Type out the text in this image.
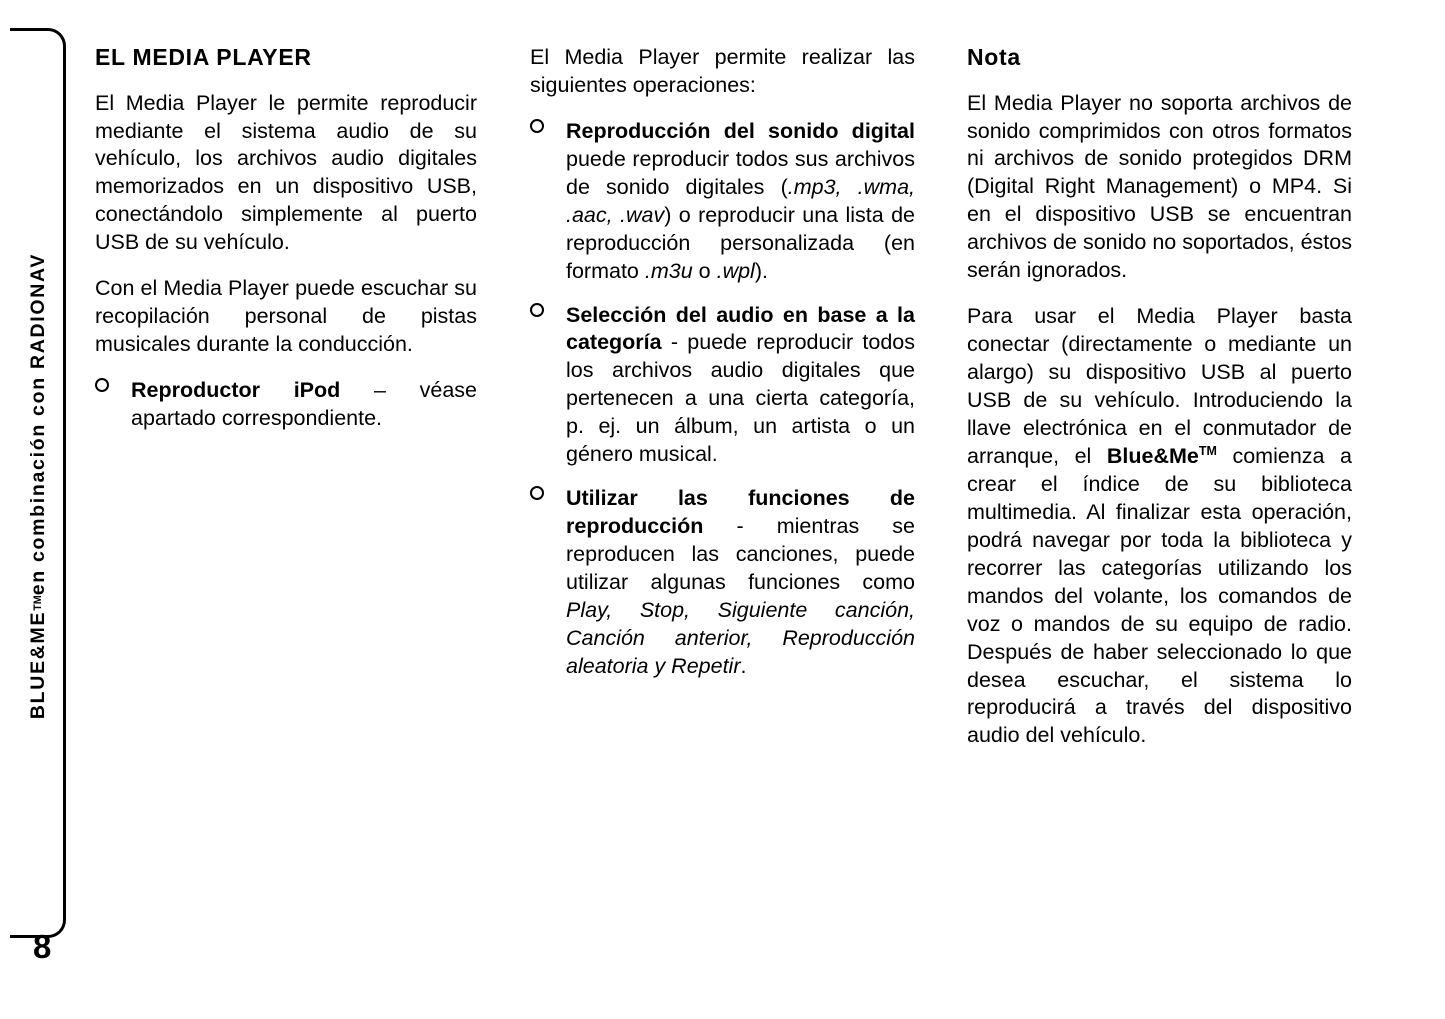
BLUE&ME
TM
en combinación con RADIONAV
8
EL MEDIA PLAYER

El Media Player le permite reproducir mediante el sistema audio de su vehículo, los archivos audio digitales memorizados en un dispositivo USB, conectándolo simplemente al puerto USB de su vehículo.

Con el Media Player puede escuchar su recopilación personal de pistas musicales durante la conducción.

Reproductor iPod – véase apartado correspondiente.

El Media Player permite realizar las siguientes operaciones:

Reproducción del sonido digital puede reproducir todos sus archivos de sonido digitales (.mp3, .wma, .aac, .wav) o reproducir una lista de reproducción personalizada (en formato .m3u o .wpl).
Selección del audio en base a la categoría - puede reproducir todos los archivos audio digitales que pertenecen a una cierta categoría, p. ej. un álbum, un artista o un género musical.
Utilizar las funciones de reproducción - mientras se reproducen las canciones, puede utilizar algunas funciones como Play, Stop, Siguiente canción, Canción anterior, Reproducción aleatoria y Repetir.
Nota

El Media Player no soporta archivos de sonido comprimidos con otros formatos ni archivos de sonido protegidos DRM (Digital Right Management) o MP4. Si en el dispositivo USB se encuentran archivos de sonido no soportados, éstos serán ignorados.

Para usar el Media Player basta conectar (directamente o mediante un alargo) su dispositivo USB al puerto USB de su vehículo. Introduciendo la llave electrónica en el conmutador de arranque, el Blue&Me™ comienza a crear el índice de su biblioteca multimedia. Al finalizar esta operación, podrá navegar por toda la biblioteca y recorrer las categorías utilizando los mandos del volante, los comandos de voz o mandos de su equipo de radio. Después de haber seleccionado lo que desea escuchar, el sistema lo reproducirá a través del dispositivo audio del vehículo.
